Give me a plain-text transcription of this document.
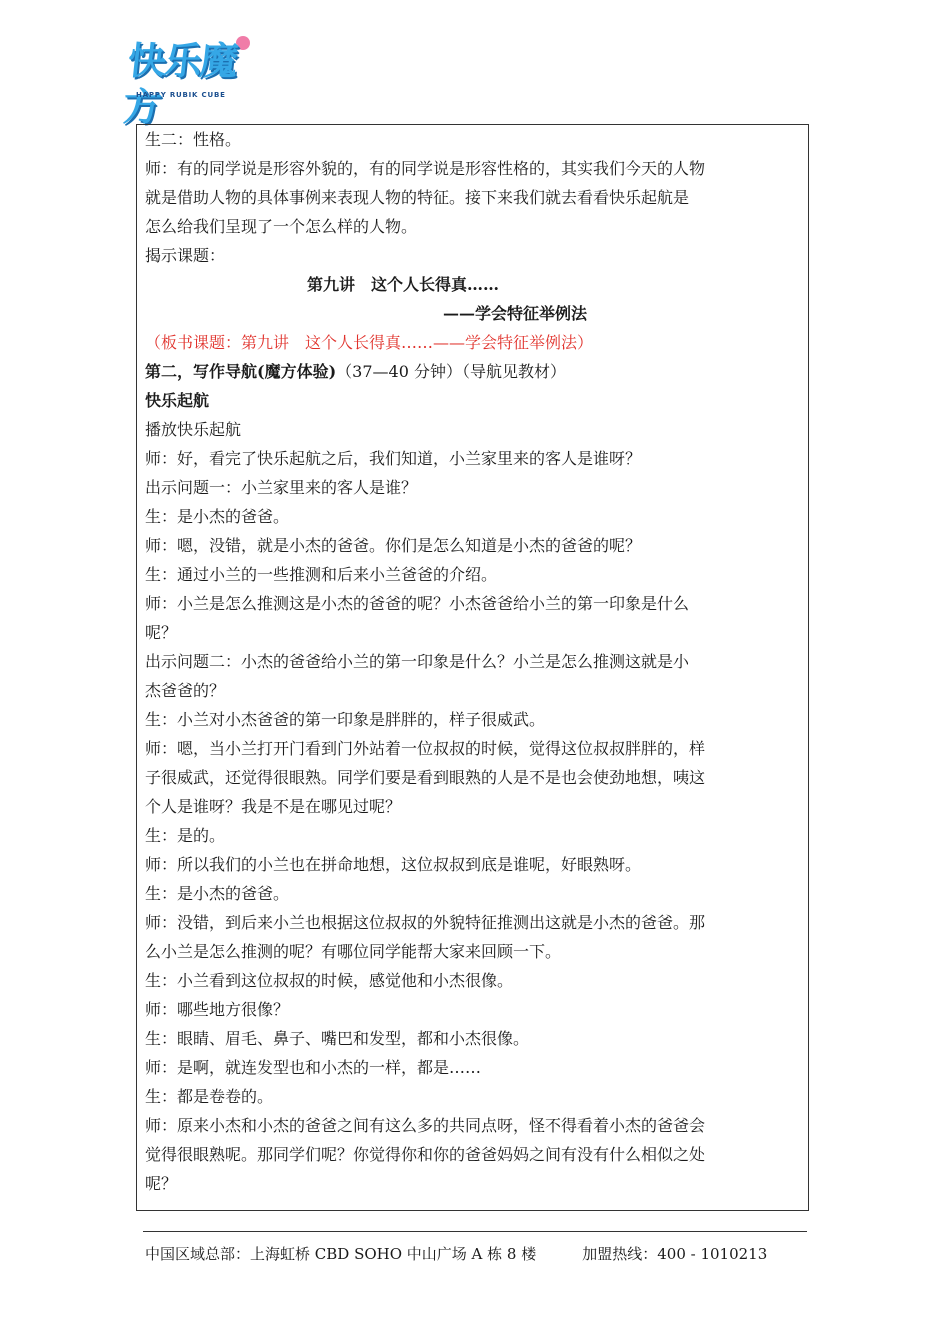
快乐魔方
HAPPY RUBIK CUBE
生二：性格。
师：有的同学说是形容外貌的，有的同学说是形容性格的，其实我们今天的人物
就是借助人物的具体事例来表现人物的特征。接下来我们就去看看快乐起航是
怎么给我们呈现了一个怎么样的人物。
揭示课题：
第九讲　这个人长得真……
——学会特征举例法
（板书课题：第九讲　这个人长得真……——学会特征举例法）
第二，写作导航(魔方体验)（37—40 分钟）（导航见教材）
快乐起航
播放快乐起航
师：好，看完了快乐起航之后，我们知道，小兰家里来的客人是谁呀？
出示问题一：小兰家里来的客人是谁？
生：是小杰的爸爸。
师：嗯，没错，就是小杰的爸爸。你们是怎么知道是小杰的爸爸的呢？
生：通过小兰的一些推测和后来小兰爸爸的介绍。
师：小兰是怎么推测这是小杰的爸爸的呢？小杰爸爸给小兰的第一印象是什么
呢？
出示问题二：小杰的爸爸给小兰的第一印象是什么？小兰是怎么推测这就是小
杰爸爸的？
生：小兰对小杰爸爸的第一印象是胖胖的，样子很威武。
师：嗯，当小兰打开门看到门外站着一位叔叔的时候，觉得这位叔叔胖胖的，样
子很威武，还觉得很眼熟。同学们要是看到眼熟的人是不是也会使劲地想，咦这
个人是谁呀？我是不是在哪见过呢？
生：是的。
师：所以我们的小兰也在拼命地想，这位叔叔到底是谁呢，好眼熟呀。
生：是小杰的爸爸。
师：没错，到后来小兰也根据这位叔叔的外貌特征推测出这就是小杰的爸爸。那
么小兰是怎么推测的呢？有哪位同学能帮大家来回顾一下。
生：小兰看到这位叔叔的时候，感觉他和小杰很像。
师：哪些地方很像？
生：眼睛、眉毛、鼻子、嘴巴和发型，都和小杰很像。
师：是啊，就连发型也和小杰的一样，都是……
生：都是卷卷的。
师：原来小杰和小杰的爸爸之间有这么多的共同点呀，怪不得看着小杰的爸爸会
觉得很眼熟呢。那同学们呢？你觉得你和你的爸爸妈妈之间有没有什么相似之处
呢？
中国区域总部：上海虹桥 CBD SOHO 中山广场 A 栋 8 楼	加盟热线：400 - 1010213
